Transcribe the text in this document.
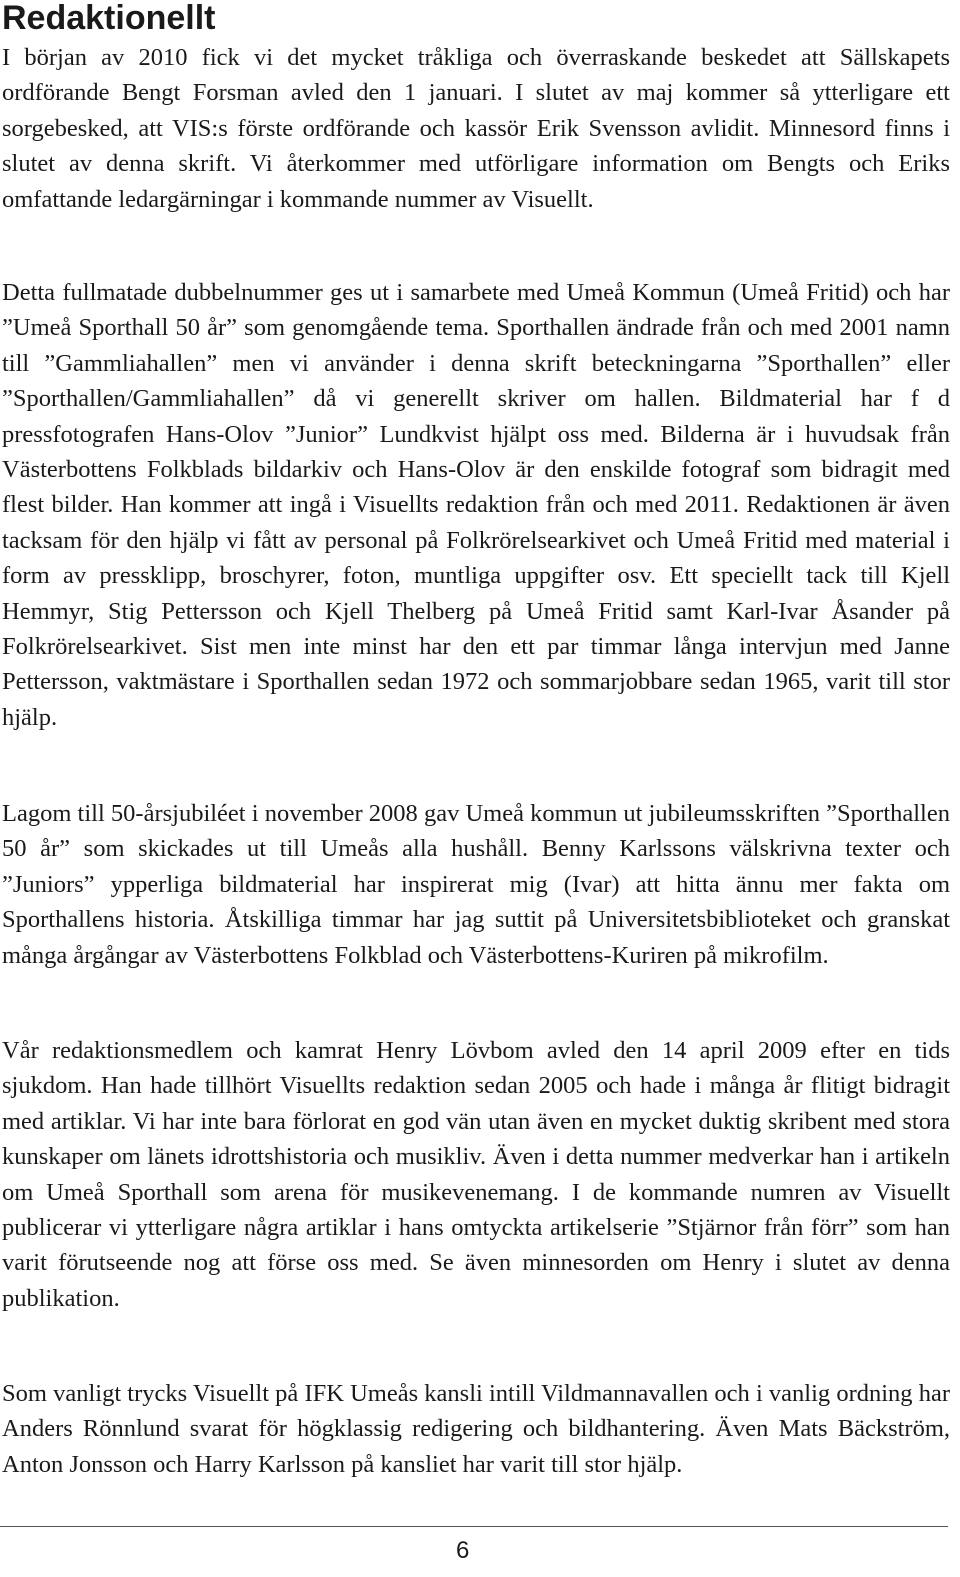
Redaktionellt

I början av 2010 fick vi det mycket tråkliga och överraskande beskedet att Sällskapets ordförande Bengt Forsman avled den 1 januari. I slutet av maj kommer så ytterligare ett sorgebesked, att VIS:s förste ordförande och kassör Erik Svensson avlidit. Minnesord finns i slutet av denna skrift. Vi återkommer med utförligare information om Bengts och Eriks omfattande ledargärningar i kommande nummer av Visuellt.

Detta fullmatade dubbelnummer ges ut i samarbete med Umeå Kommun (Umeå Fritid) och har ”Umeå Sporthall 50 år” som genomgående tema. Sporthallen ändrade från och med 2001 namn till ”Gammliahallen” men vi använder i denna skrift beteckningarna ”Sporthallen” eller ”Sporthallen/Gammliahallen” då vi generellt skriver om hallen. Bildmaterial har f d pressfotografen Hans-Olov ”Junior” Lundkvist hjälpt oss med. Bilderna är i huvudsak från Västerbottens Folkblads bildarkiv och Hans-Olov är den enskilde fotograf som bidragit med flest bilder. Han kommer att ingå i Visuellts redaktion från och med 2011. Redaktionen är även tacksam för den hjälp vi fått av personal på Folkrörelsearkivet och Umeå Fritid med material i form av pressklipp, broschyrer, foton, muntliga uppgifter osv. Ett speciellt tack till Kjell Hemmyr, Stig Pettersson och Kjell Thelberg på Umeå Fritid samt Karl-Ivar Åsander på Folkrörelsearkivet. Sist men inte minst har den ett par timmar långa intervjun med Janne Pettersson, vaktmästare i Sporthallen sedan 1972 och sommarjobbare sedan 1965, varit till stor hjälp.

Lagom till 50-årsjubiléet i november 2008 gav Umeå kommun ut jubileumsskriften ”Sporthallen 50 år” som skickades ut till Umeås alla hushåll. Benny Karlssons välskrivna texter och ”Juniors” ypperliga bildmaterial har inspirerat mig (Ivar) att hitta ännu mer fakta om Sporthallens historia. Åtskilliga timmar har jag suttit på Universitetsbiblioteket och granskat många årgångar av Västerbottens Folkblad och Västerbottens-Kuriren på mikrofilm.

Vår redaktionsmedlem och kamrat Henry Lövbom avled den 14 april 2009 efter en tids sjukdom. Han hade tillhört Visuellts redaktion sedan 2005 och hade i många år flitigt bidragit med artiklar. Vi har inte bara förlorat en god vän utan även en mycket duktig skribent med stora kunskaper om länets idrottshistoria och musikliv. Även i detta nummer medverkar han i artikeln om Umeå Sporthall som arena för musikevenemang. I de kommande numren av Visuellt publicerar vi ytterligare några artiklar i hans omtyckta artikelserie ”Stjärnor från förr” som han varit förutseende nog att förse oss med. Se även minnesorden om Henry i slutet av denna publikation.

Som vanligt trycks Visuellt på IFK Umeås kansli intill Vildmannavallen och i vanlig ordning har Anders Rönnlund svarat för högklassig redigering och bildhantering. Även Mats Bäckström, Anton Jonsson och Harry Karlsson på kansliet har varit till stor hjälp.

6
